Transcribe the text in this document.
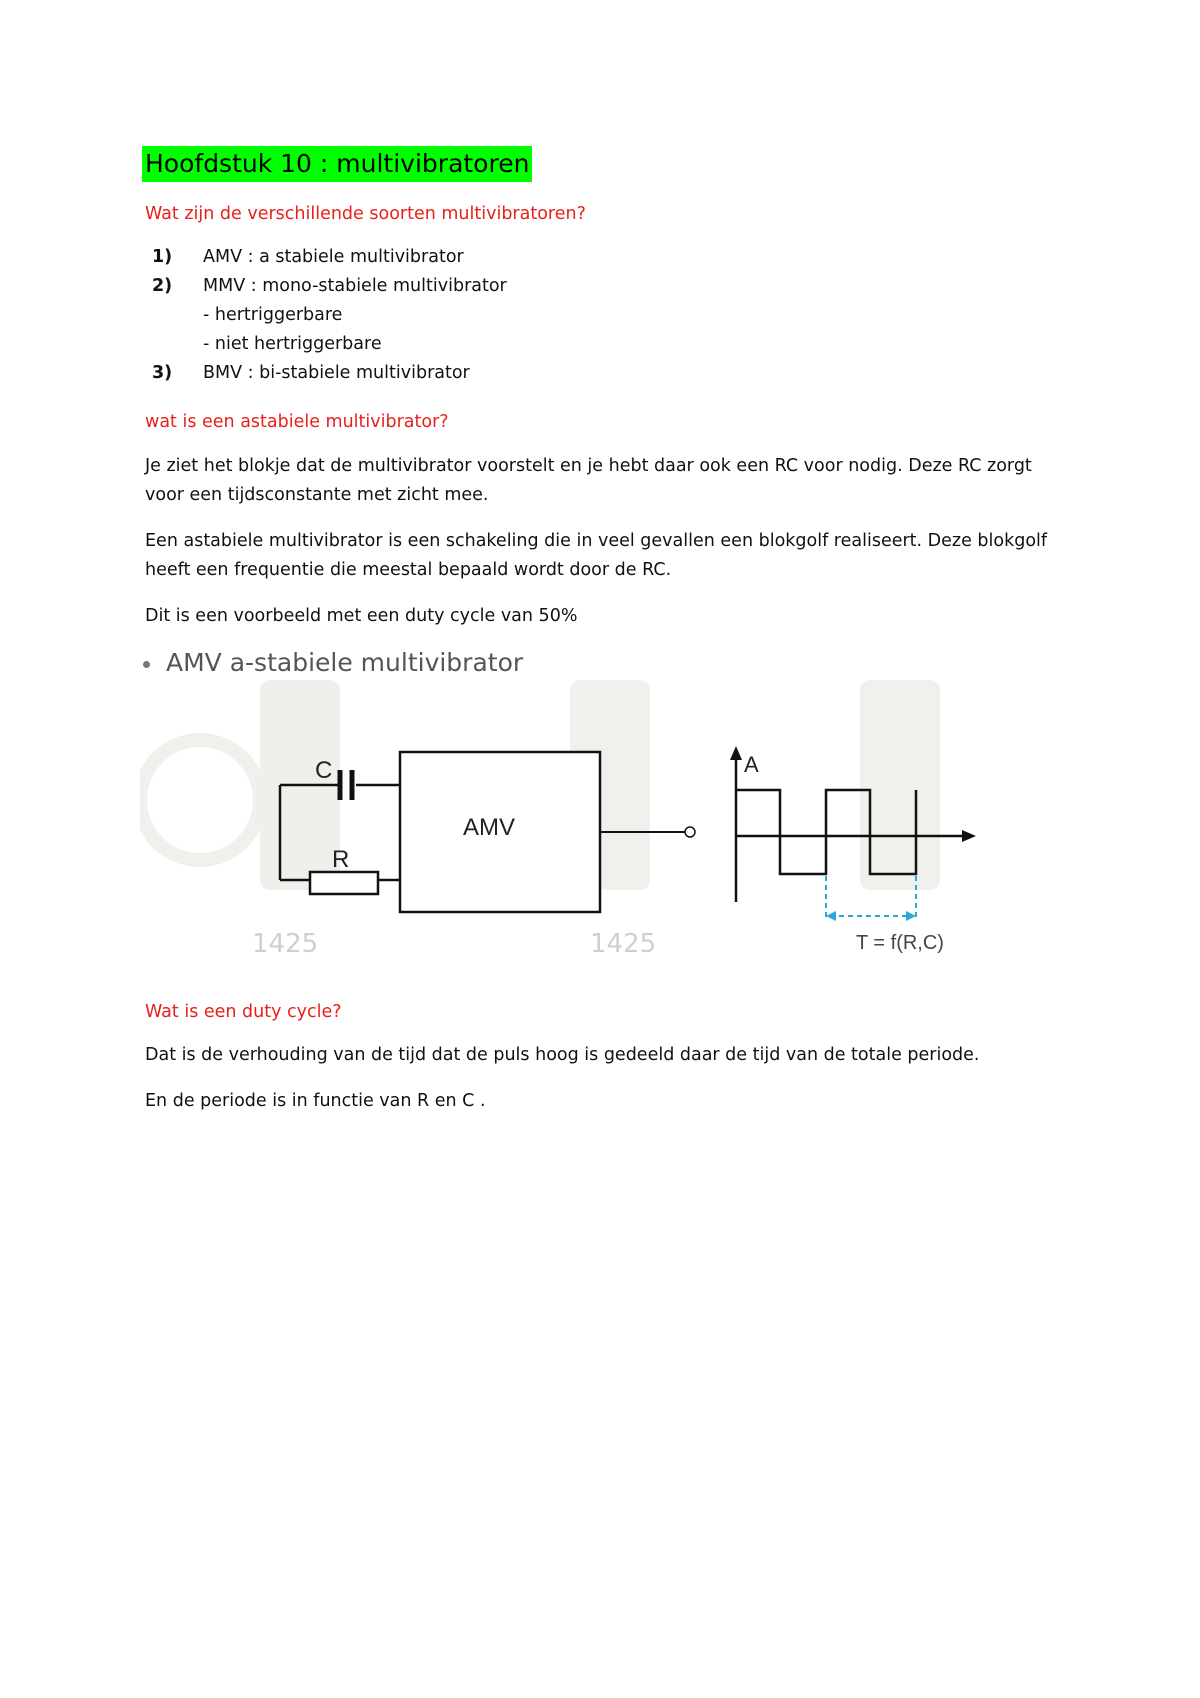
Hoofdstuk 10 : multivibratoren
Wat zijn de verschillende soorten multivibratoren?
1) AMV : a stabiele multivibrator
2) MMV : mono-stabiele multivibrator
- hertriggerbare
- niet hertriggerbare
3) BMV : bi-stabiele multivibrator
wat is een astabiele multivibrator?
Je ziet het blokje dat de multivibrator voorstelt en je hebt daar ook een RC voor nodig. Deze RC zorgt
voor een tijdsconstante met zicht mee.
Een astabiele multivibrator is een schakeling die in veel gevallen een blokgolf realiseert. Deze blokgolf
heeft een frequentie die meestal bepaald wordt door de RC.
Dit is een voorbeeld met een duty cycle van 50%
1425	1425
C
R
AMV
A
T = f(R,C)
AMV a-stabiele multivibrator
Wat is een duty cycle?
Dat is de verhouding van de tijd dat de puls hoog is gedeeld daar de tijd van de totale periode.
En de periode is in functie van R en C .
